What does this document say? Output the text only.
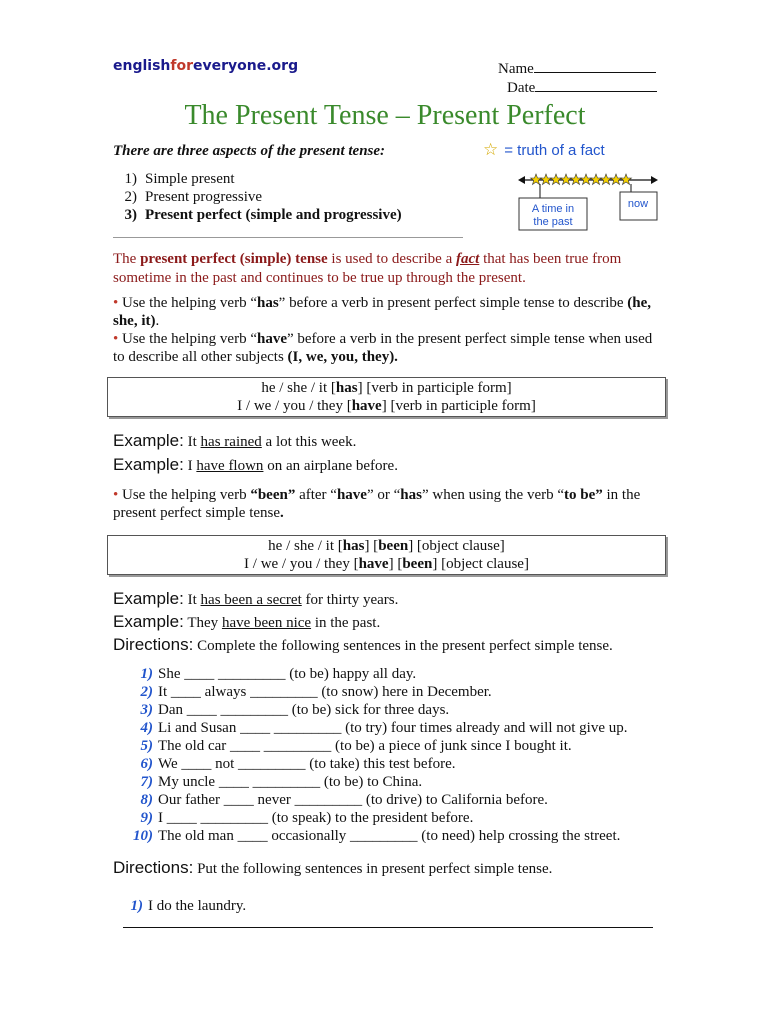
englishforeveryone.org	Name
Date
The Present Tense – Present Perfect
There are three aspects of the present tense:	☆ = truth of a fact
1) Simple present
2) Present progressive
3) Present perfect (simple and progressive)	A time in
the past
now
The present perfect (simple) tense is used to describe a fact that has been true from sometime in the past and continues to be true up through the present.
• Use the helping verb “has” before a verb in present perfect simple tense to describe (he, she, it).
• Use the helping verb “have” before a verb in the present perfect simple tense when used to describe all other subjects (I, we, you, they).
he / she / it [has] [verb in participle form]
I / we / you / they [have] [verb in participle form]
Example: It has rained a lot this week.
Example: I have flown on an airplane before.
• Use the helping verb “been” after “have” or “has” when using the verb “to be” in the present perfect simple tense.
he / she / it [has] [been] [object clause]
I / we / you / they [have] [been] [object clause]
Example: It has been a secret for thirty years.
Example: They have been nice in the past.
Directions: Complete the following sentences in the present perfect simple tense.
1) She ____ _________ (to be) happy all day.
2) It ____ always _________ (to snow) here in December.
3) Dan ____ _________ (to be) sick for three days.
4) Li and Susan ____ _________ (to try) four times already and will not give up.
5) The old car ____ _________ (to be) a piece of junk since I bought it.
6) We ____ not _________ (to take) this test before.
7) My uncle ____ _________ (to be) to China.
8) Our father ____ never _________ (to drive) to California before.
9) I ____ _________ (to speak) to the president before.
10) The old man ____ occasionally _________ (to need) help crossing the street.
Directions: Put the following sentences in present perfect simple tense.
1) I do the laundry.
